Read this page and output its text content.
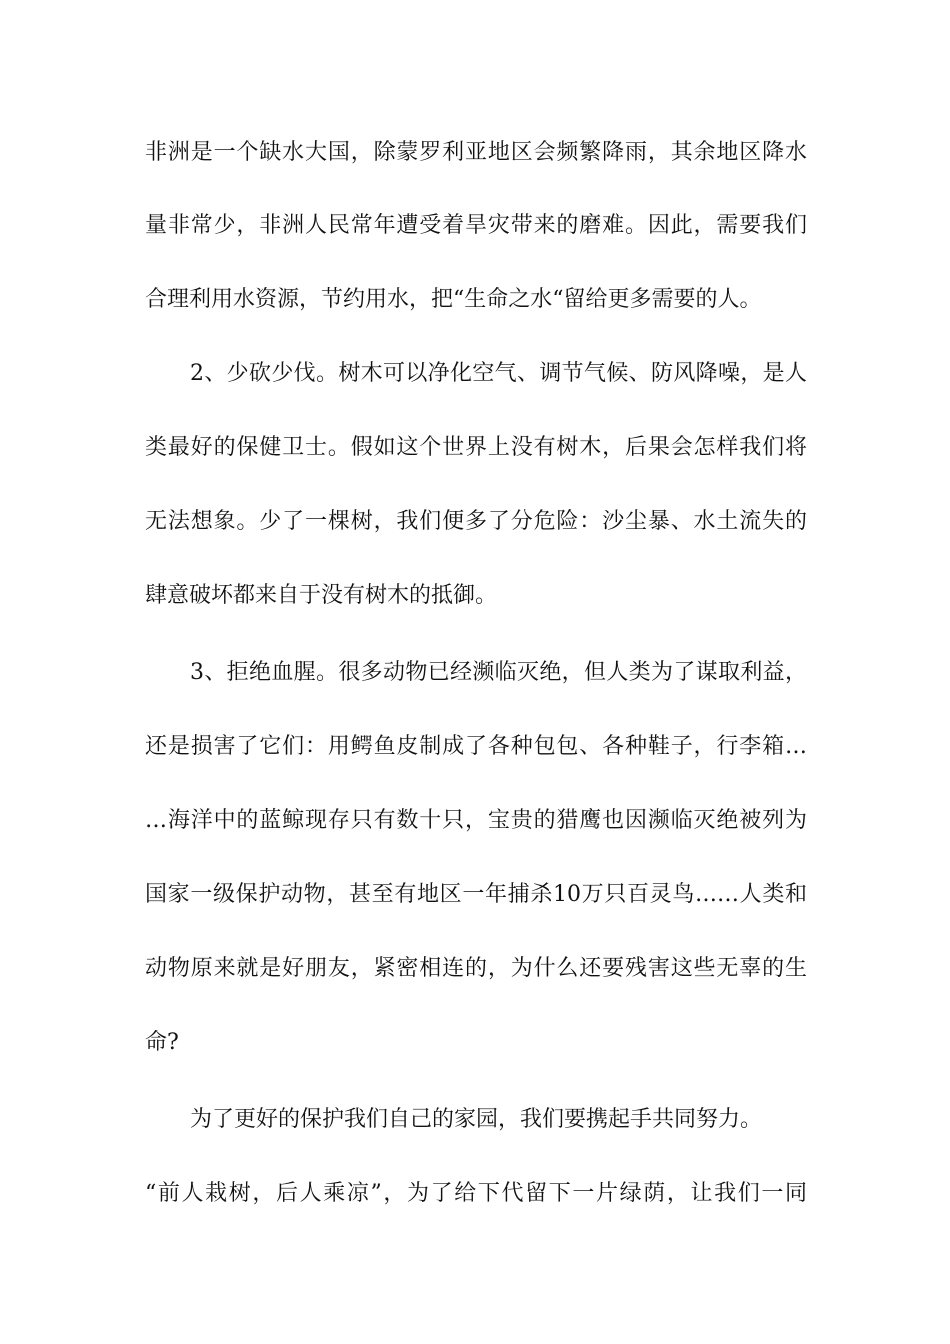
非洲是一个缺水大国，除蒙罗利亚地区会频繁降雨，其余地区降水
量非常少，非洲人民常年遭受着旱灾带来的磨难。因此，需要我们
合理利用水资源，节约用水，把“生命之水“留给更多需要的人。
2、少砍少伐。树木可以净化空气、调节气候、防风降噪，是人
类最好的保健卫士。假如这个世界上没有树木，后果会怎样我们将
无法想象。少了一棵树，我们便多了分危险：沙尘暴、水土流失的
肆意破坏都来自于没有树木的抵御。
3、拒绝血腥。很多动物已经濒临灭绝，但人类为了谋取利益，
还是损害了它们：用鳄鱼皮制成了各种包包、各种鞋子，行李箱…
…海洋中的蓝鲸现存只有数十只，宝贵的猎鹰也因濒临灭绝被列为
国家一级保护动物，甚至有地区一年捕杀10万只百灵鸟……人类和
动物原来就是好朋友，紧密相连的，为什么还要残害这些无辜的生
命?
为了更好的保护我们自己的家园，我们要携起手共同努力。
“前人栽树，后人乘凉”，为了给下代留下一片绿荫，让我们一同
